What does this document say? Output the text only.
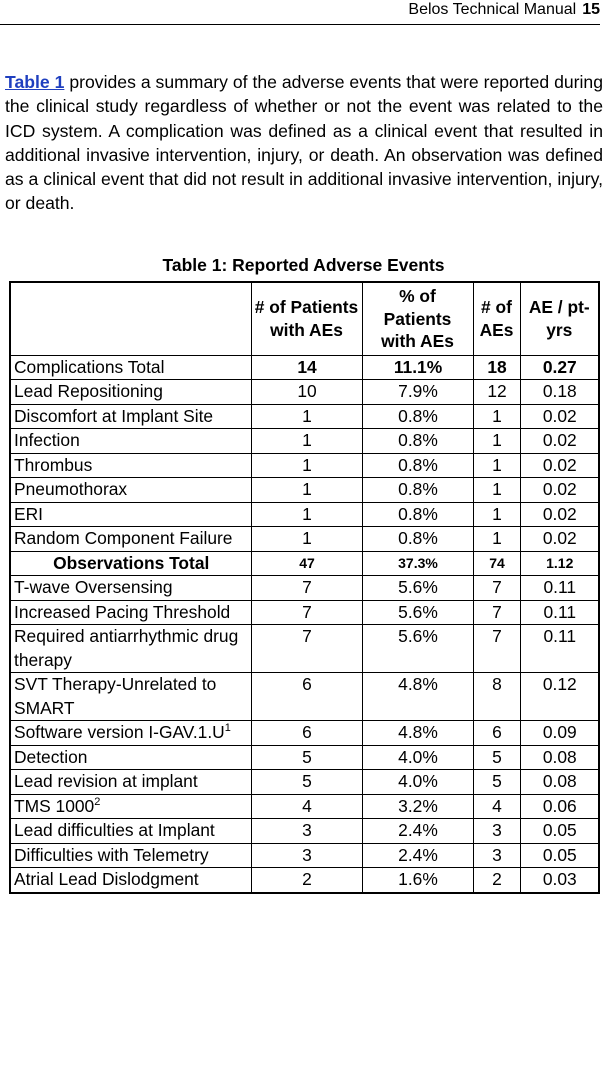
Belos Technical Manual 15
Table 1 provides a summary of the adverse events that were reported during the clinical study regardless of whether or not the event was related to the ICD system. A complication was defined as a clinical event that resulted in additional invasive intervention, injury, or death. An observation was defined as a clinical event that did not result in additional invasive intervention, injury, or death.
Table 1: Reported Adverse Events
	# of Patients with AEs	% of Patients with AEs	# of AEs	AE / pt-yrs
Complications Total	14	11.1%	18	0.27
Lead Repositioning	10	7.9%	12	0.18
Discomfort at Implant Site	1	0.8%	1	0.02
Infection	1	0.8%	1	0.02
Thrombus	1	0.8%	1	0.02
Pneumothorax	1	0.8%	1	0.02
ERI	1	0.8%	1	0.02
Random Component Failure	1	0.8%	1	0.02
Observations Total	47	37.3%	74	1.12
T-wave Oversensing	7	5.6%	7	0.11
Increased Pacing Threshold	7	5.6%	7	0.11
Required antiarrhythmic drug therapy	7	5.6%	7	0.11
SVT Therapy-Unrelated to SMART	6	4.8%	8	0.12
Software version $I-GAV.1.U^1$	6	4.8%	6	0.09
Detection	5	4.0%	5	0.08
Lead revision at implant	5	4.0%	5	0.08
TMS 1000$^2$	4	3.2%	4	0.06
Lead difficulties at Implant	3	2.4%	3	0.05
Difficulties with Telemetry	3	2.4%	3	0.05
Atrial Lead Dislodgment	2	1.6%	2	0.03
